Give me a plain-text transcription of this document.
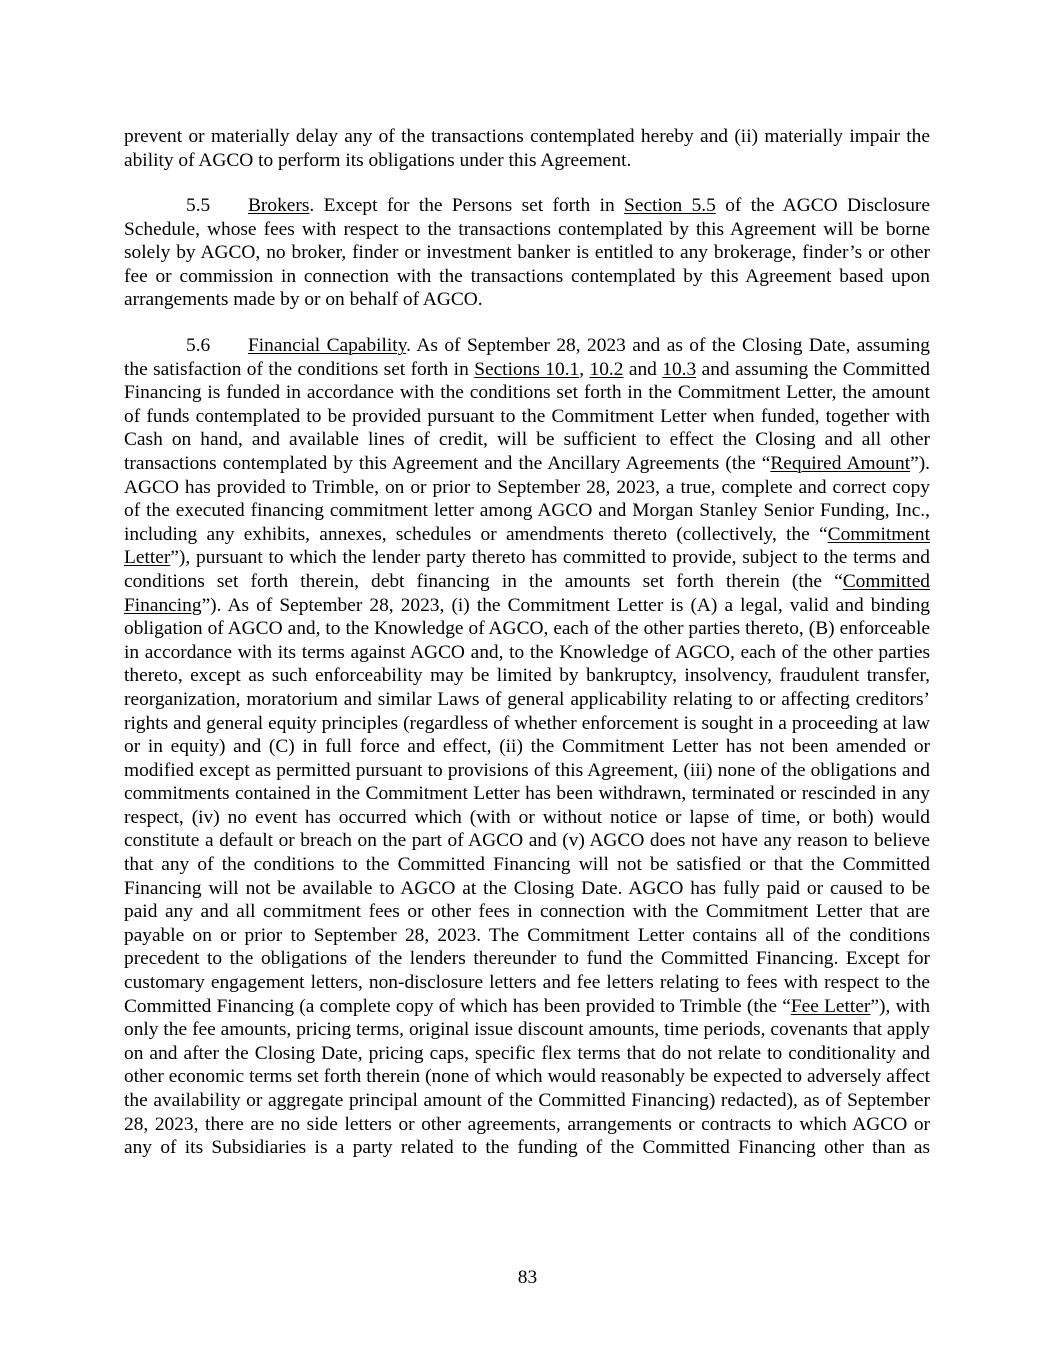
prevent or materially delay any of the transactions contemplated hereby and (ii) materially impair the ability of AGCO to perform its obligations under this Agreement.

5.5 Brokers. Except for the Persons set forth in Section 5.5 of the AGCO Disclosure Schedule, whose fees with respect to the transactions contemplated by this Agreement will be borne solely by AGCO, no broker, finder or investment banker is entitled to any brokerage, finder’s or other fee or commission in connection with the transactions contemplated by this Agreement based upon arrangements made by or on behalf of AGCO.

5.6 Financial Capability. As of September 28, 2023 and as of the Closing Date, assuming the satisfaction of the conditions set forth in Sections 10.1, 10.2 and 10.3 and assuming the Committed Financing is funded in accordance with the conditions set forth in the Commitment Letter, the amount of funds contemplated to be provided pursuant to the Commitment Letter when funded, together with Cash on hand, and available lines of credit, will be sufficient to effect the Closing and all other transactions contemplated by this Agreement and the Ancillary Agreements (the “Required Amount”). AGCO has provided to Trimble, on or prior to September 28, 2023, a true, complete and correct copy of the executed financing commitment letter among AGCO and Morgan Stanley Senior Funding, Inc., including any exhibits, annexes, schedules or amendments thereto (collectively, the “Commitment Letter”), pursuant to which the lender party thereto has committed to provide, subject to the terms and conditions set forth therein, debt financing in the amounts set forth therein (the “Committed Financing”). As of September 28, 2023, (i) the Commitment Letter is (A) a legal, valid and binding obligation of AGCO and, to the Knowledge of AGCO, each of the other parties thereto, (B) enforceable in accordance with its terms against AGCO and, to the Knowledge of AGCO, each of the other parties thereto, except as such enforceability may be limited by bankruptcy, insolvency, fraudulent transfer, reorganization, moratorium and similar Laws of general applicability relating to or affecting creditors’ rights and general equity principles (regardless of whether enforcement is sought in a proceeding at law or in equity) and (C) in full force and effect, (ii) the Commitment Letter has not been amended or modified except as permitted pursuant to provisions of this Agreement, (iii) none of the obligations and commitments contained in the Commitment Letter has been withdrawn, terminated or rescinded in any respect, (iv) no event has occurred which (with or without notice or lapse of time, or both) would constitute a default or breach on the part of AGCO and (v) AGCO does not have any reason to believe that any of the conditions to the Committed Financing will not be satisfied or that the Committed Financing will not be available to AGCO at the Closing Date. AGCO has fully paid or caused to be paid any and all commitment fees or other fees in connection with the Commitment Letter that are payable on or prior to September 28, 2023. The Commitment Letter contains all of the conditions precedent to the obligations of the lenders thereunder to fund the Committed Financing. Except for customary engagement letters, non-disclosure letters and fee letters relating to fees with respect to the Committed Financing (a complete copy of which has been provided to Trimble (the “Fee Letter”), with only the fee amounts, pricing terms, original issue discount amounts, time periods, covenants that apply on and after the Closing Date, pricing caps, specific flex terms that do not relate to conditionality and other economic terms set forth therein (none of which would reasonably be expected to adversely affect the availability or aggregate principal amount of the Committed Financing) redacted), as of September 28, 2023, there are no side letters or other agreements, arrangements or contracts to which AGCO or any of its Subsidiaries is a party related to the funding of the Committed Financing other than as

83
